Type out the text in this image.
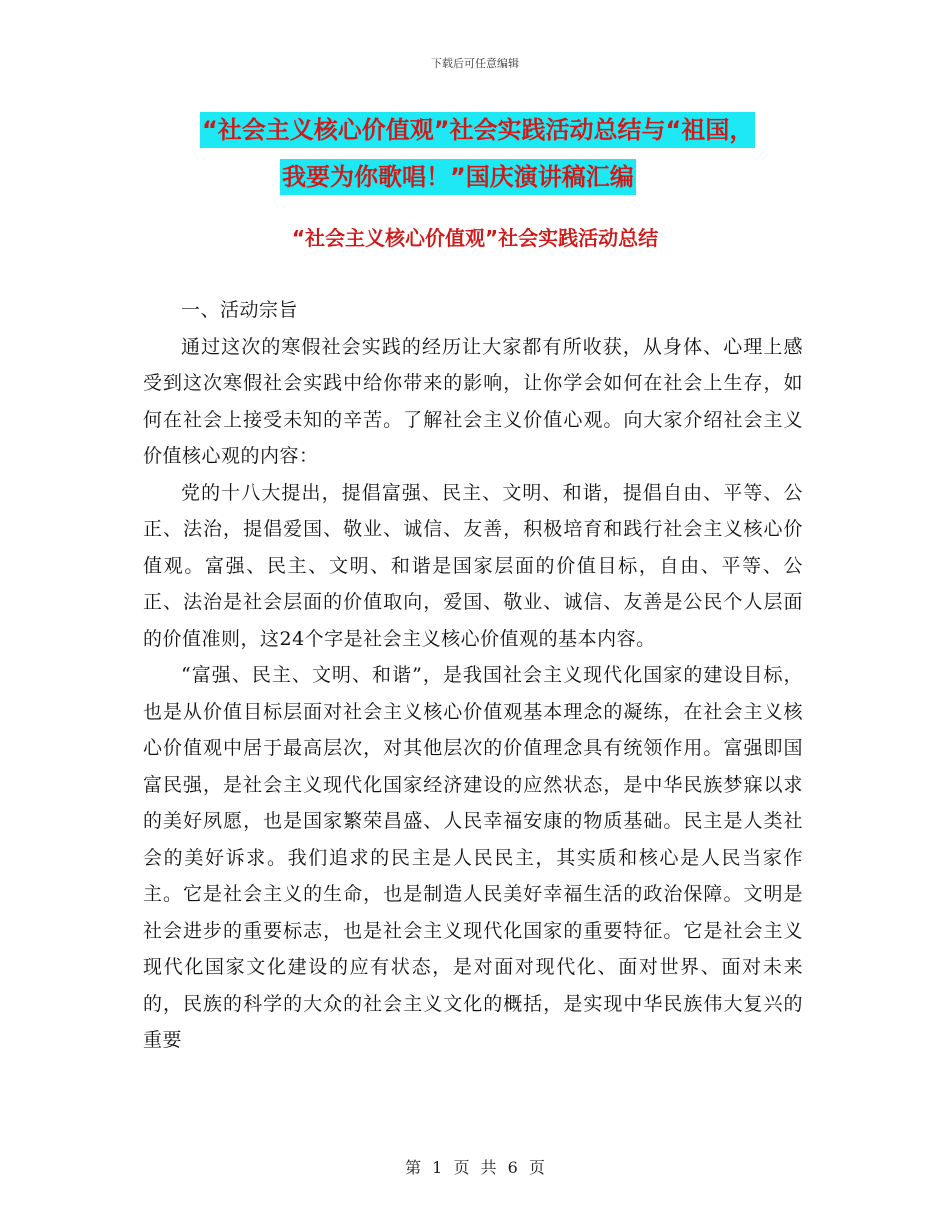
下载后可任意编辑
“社会主义核心价值观”社会实践活动总结与“祖国，
我要为你歌唱！”国庆演讲稿汇编
“社会主义核心价值观”社会实践活动总结

一、活动宗旨

通过这次的寒假社会实践的经历让大家都有所收获，从身体、心理上感受到这次寒假社会实践中给你带来的影响，让你学会如何在社会上生存，如何在社会上接受未知的辛苦。了解社会主义价值心观。向大家介绍社会主义价值核心观的内容：

党的十八大提出，提倡富强、民主、文明、和谐，提倡自由、平等、公正、法治，提倡爱国、敬业、诚信、友善，积极培育和践行社会主义核心价值观。富强、民主、文明、和谐是国家层面的价值目标，自由、平等、公正、法治是社会层面的价值取向，爱国、敬业、诚信、友善是公民个人层面的价值准则，这24个字是社会主义核心价值观的基本内容。

“富强、民主、文明、和谐”，是我国社会主义现代化国家的建设目标，也是从价值目标层面对社会主义核心价值观基本理念的凝练，在社会主义核心价值观中居于最高层次，对其他层次的价值理念具有统领作用。富强即国富民强，是社会主义现代化国家经济建设的应然状态，是中华民族梦寐以求的美好夙愿，也是国家繁荣昌盛、人民幸福安康的物质基础。民主是人类社会的美好诉求。我们追求的民主是人民民主，其实质和核心是人民当家作主。它是社会主义的生命，也是制造人民美好幸福生活的政治保障。文明是社会进步的重要标志，也是社会主义现代化国家的重要特征。它是社会主义现代化国家文化建设的应有状态，是对面对现代化、面对世界、面对未来的，民族的科学的大众的社会主义文化的概括，是实现中华民族伟大复兴的重要

第 1 页 共 6 页
